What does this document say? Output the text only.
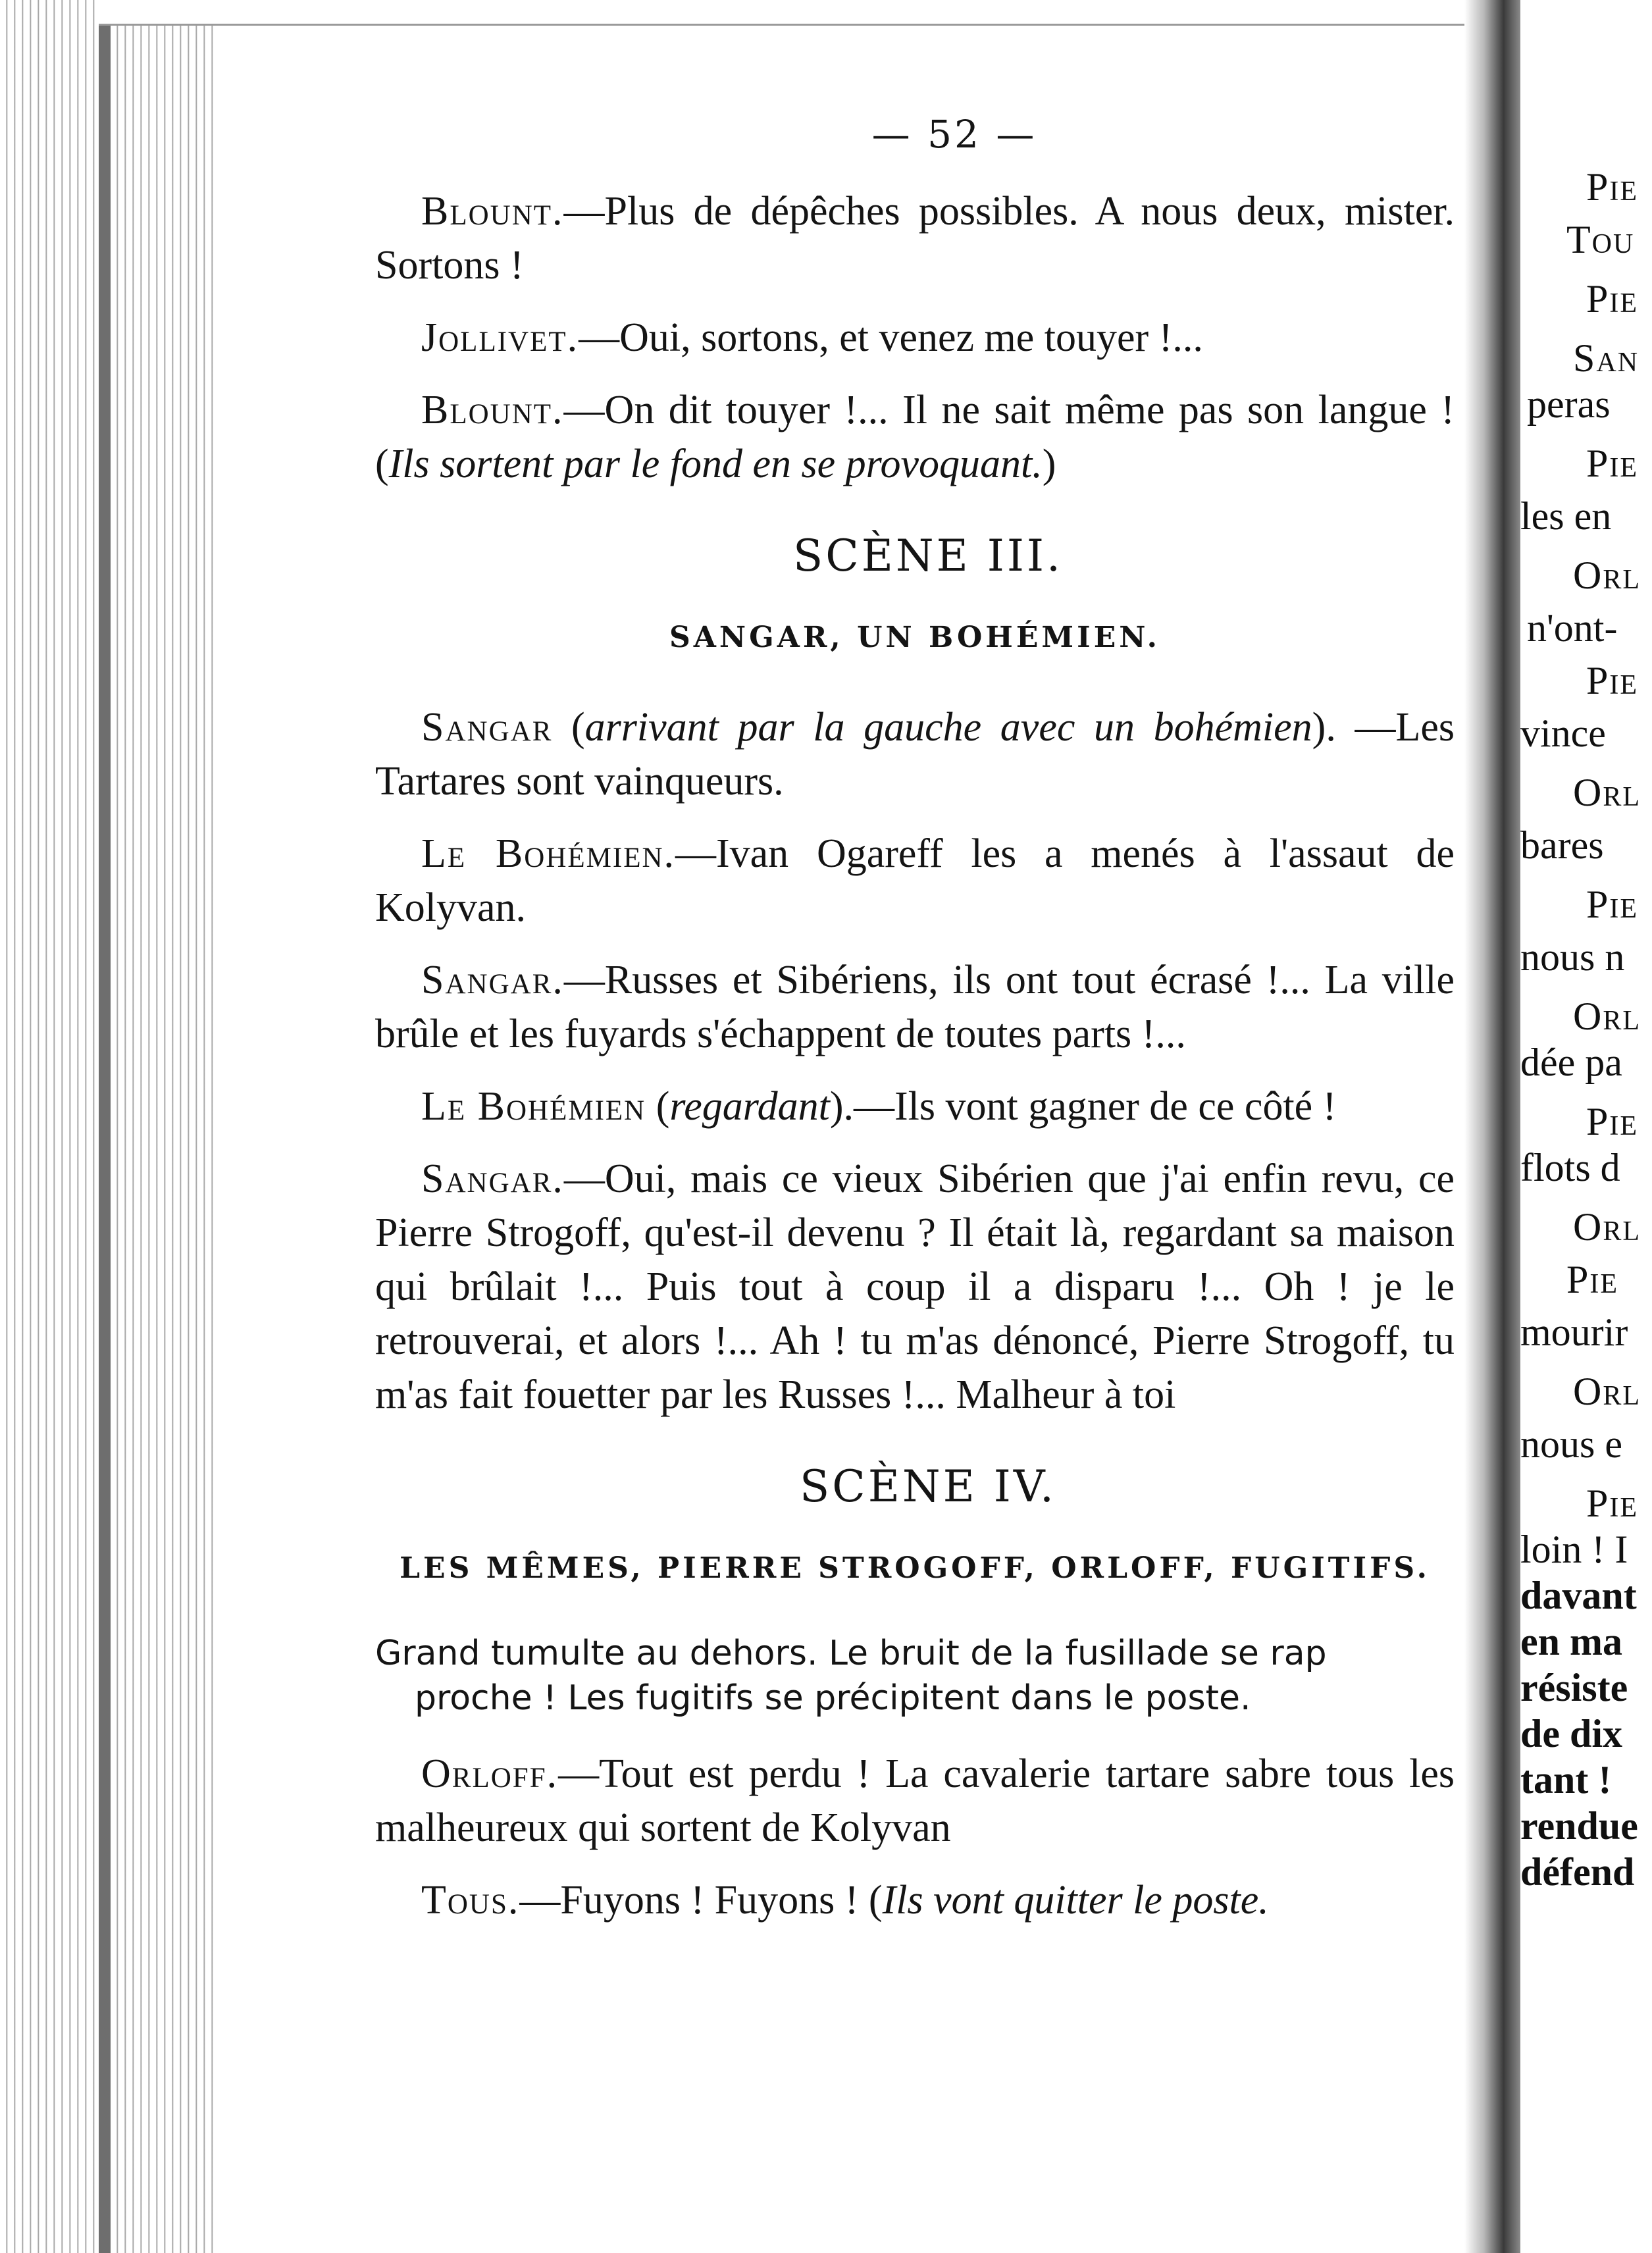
— 52 —

Blount.—Plus de dépêches possibles. A nous deux, mister. Sortons !

Jollivet.—Oui, sortons, et venez me touyer !...

Blount.—On dit touyer !... Il ne sait même pas son langue ! (Ils sortent par le fond en se provoquant.)

SCÈNE III.
SANGAR, UN BOHÉMIEN.

Sangar (arrivant par la gauche avec un bohémien). —Les Tartares sont vainqueurs.

Le Bohémien.—Ivan Ogareff les a menés à l'assaut de Kolyvan.

Sangar.—Russes et Sibériens, ils ont tout écrasé !... La ville brûle et les fuyards s'échappent de toutes parts !...

Le Bohémien (regardant).—Ils vont gagner de ce côté !

Sangar.—Oui, mais ce vieux Sibérien que j'ai enfin revu, ce Pierre Strogoff, qu'est-il devenu ? Il était là, regardant sa maison qui brûlait !... Puis tout à coup il a disparu !... Oh ! je le retrouverai, et alors !... Ah ! tu m'as dénoncé, Pierre Strogoff, tu m'as fait fouetter par les Russes !... Malheur à toi

SCÈNE IV.
LES MÊMES, PIERRE STROGOFF, ORLOFF, FUGITIFS.

Grand tumulte au dehors. Le bruit de la fusillade se rap
proche ! Les fugitifs se précipitent dans le poste.

Orloff.—Tout est perdu ! La cavalerie tartare sabre tous les malheureux qui sortent de Kolyvan

Tous.—Fuyons ! Fuyons ! (Ils vont quitter le poste.

Pie
Tou
Pie
San
peras
Pie
les en
Orl
n'ont-
Pie
vince
Orl
bares
Pie
nous n
Orl
dée pa
Pie
flots d
Orl
Pie
mourir
Orl
nous e
Pie
loin ! I
davant
en ma
résiste
de dix
tant !
rendue
défend
